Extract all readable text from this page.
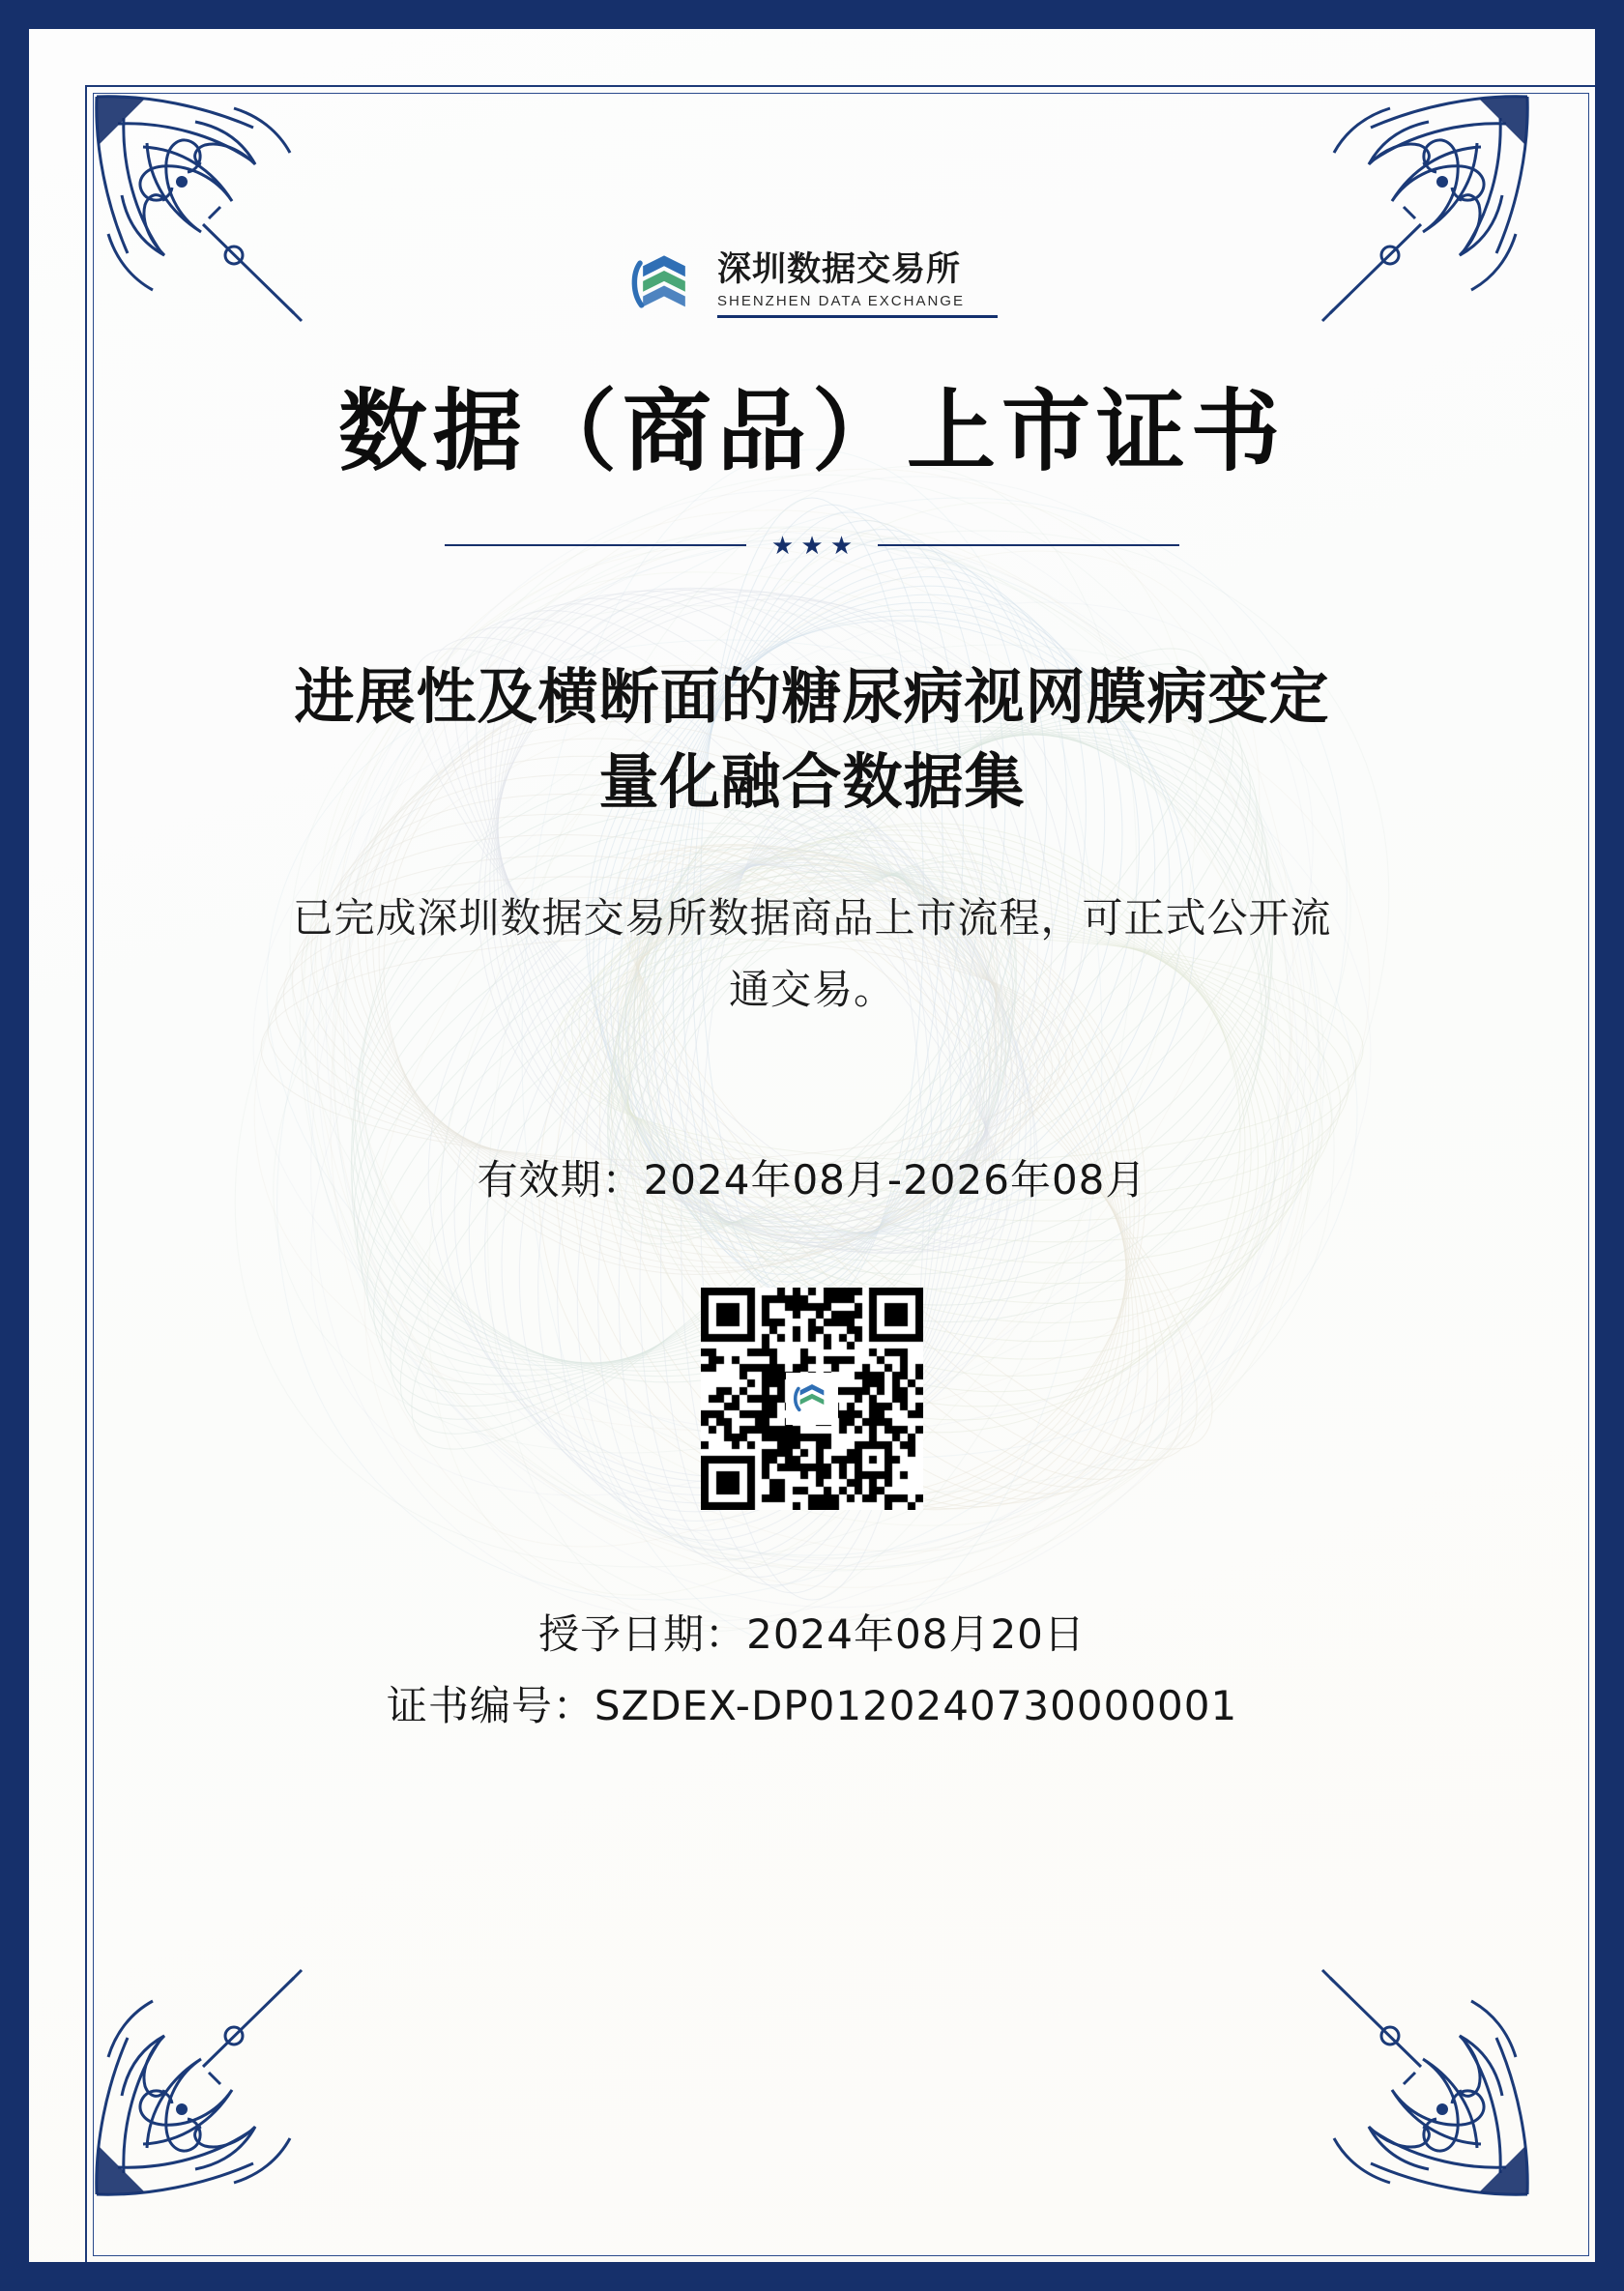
深圳数据交易所
SHENZHEN DATA EXCHANGE
数据（商品）上市证书
★ ★ ★
进展性及横断面的糖尿病视网膜病变定量化融合数据集
已完成深圳数据交易所数据商品上市流程，可正式公开流通交易。
有效期：2024年08月-2026年08月
授予日期：2024年08月20日
证书编号：SZDEX-DP0120240730000001
